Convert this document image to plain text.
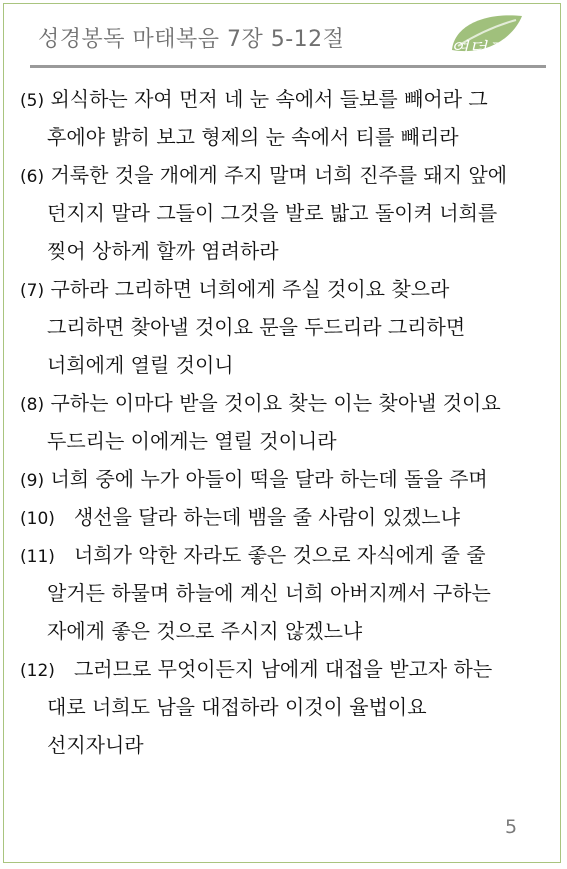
성경봉독 마태복음 7장 5-12절	연덕교회
(5) 외식하는 자여 먼저 네 눈 속에서 들보를 빼어라 그
후에야 밝히 보고 형제의 눈 속에서 티를 빼리라
(6) 거룩한 것을 개에게 주지 말며 너희 진주를 돼지 앞에
던지지 말라 그들이 그것을 발로 밟고 돌이켜 너희를
찢어 상하게 할까 염려하라
(7) 구하라 그리하면 너희에게 주실 것이요 찾으라
그리하면 찾아낼 것이요 문을 두드리라 그리하면
너희에게 열릴 것이니
(8) 구하는 이마다 받을 것이요 찾는 이는 찾아낼 것이요
두드리는 이에게는 열릴 것이니라
(9) 너희 중에 누가 아들이 떡을 달라 하는데 돌을 주며
(10) 생선을 달라 하는데 뱀을 줄 사람이 있겠느냐
(11) 너희가 악한 자라도 좋은 것으로 자식에게 줄 줄
알거든 하물며 하늘에 계신 너희 아버지께서 구하는
자에게 좋은 것으로 주시지 않겠느냐
(12) 그러므로 무엇이든지 남에게 대접을 받고자 하는
대로 너희도 남을 대접하라 이것이 율법이요
선지자니라
5
